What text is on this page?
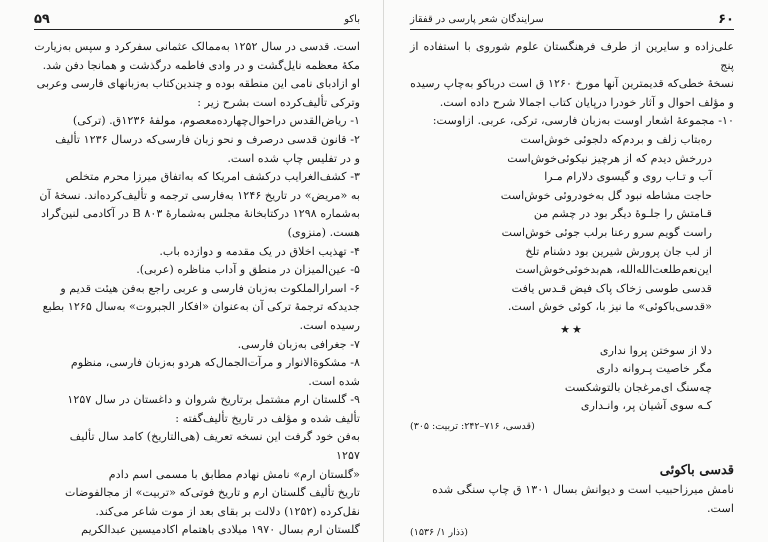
۵۹	باکو

است. قدسی در سال ۱۲۵۲ به‌ممالک عثمانی سفرکرد و سپس به‌زیارت

مکهٔ معظمه نایل‌گشت و در وادی فاطمه درگذشت و همانجا دفن شد.

او ازادبای نامی این منطقه بوده و چندین‌کتاب به‌زبانهای فارسی وعربی

وترکی تألیف‌کرده است بشرح زیر :

۱- ریاض‌القدس دراحوال‌چهارده‌معصوم، مولفهٔ ۱۲۳۶ق. (ترکی)

۲- قانون قدسی درصرف و نحو زبان فارسی‌که درسال ۱۲۳۶ تألیف

و در تفلیس چاپ شده است.

۳- کشف‌الغرایب درکشف امریکا که به‌اتفاق میرزا محرم متخلص

به «مریض» در تاریخ ۱۲۴۶ به‌فارسی ترجمه و تألیف‌کرده‌اند. نسخهٔ آن

به‌شماره ۱۲۹۸ درکتابخانهٔ مجلس به‌شمارهٔ ۸۰۳ B در آکادمی لنین‌گراد

هست. (منزوی)

۴- تهذیب اخلاق در یک مقدمه و دوازده باب.

۵- عین‌المیزان در منطق و آداب مناظره (عربی).

۶- اسرارالملکوت به‌زبان فارسی و عربی راجع به‌فن هیئت قدیم و

جدیدکه ترجمهٔ ترکی آن به‌عنوان «افکار الجبروت» به‌سال ۱۲۶۵ بطبع

رسیده است.

۷- جغرافی به‌زبان فارسی.

۸- مشکوةالانوار و مرآت‌الجمال‌که هردو به‌زبان فارسی، منظوم

شده است.

۹- گلستان ارم مشتمل برتاریخ شروان و داغستان در سال ۱۲۵۷

تألیف شده و مؤلف در تاریخ تألیف‌گفته :

بەفن خود گرفت این نسخه تعریف (هی‌التاریخ) کامد سال تألیف

۱۲۵۷

«گلستان ارم» نامش نهادم مطابق با مسمی اسم دادم

تاریخ تألیف گلستان ارم و تاریخ فوتی‌که «تربیت» از مجالفوضات

نقل‌کرده (۱۲۵۲) دلالت بر بقای بعد از موت شاعر می‌کند.

گلستان ارم بسال ۱۹۷۰ میلادی باهتمام اکادمیسین عبدالکریم

سرایندگان شعر پارسی در قفقاز	۶۰

علی‌زاده و سایرین از طرف فرهنگستان علوم شوروی با استفاده از پنج

نسخهٔ خطی‌که قدیمترین آنها مورخ ۱۲۶۰ ق است درباکو به‌چاپ رسیده

و مؤلف احوال و آثار خودرا درپایان کتاب اجمالا شرح داده است.

۱۰- مجموعهٔ اشعار اوست به‌زبان فارسی، ترکی، عربی. ازاوست:

ره‌بتاب زلف و بردم‌که دلجوئی خوش‌است
دررخش دیدم که از هرچیز نیکوئی‌خوش‌است
آب و تـاب روی و گیسوی دلارام مـرا
حاجت مشاطه نبود گل بەخودروئی خوش‌است
قـامتش را جلـوهٔ دیگر بود در چشم من
راست گویم سرو رعنا برلب جوئی خوش‌است
از لب جان پرورش شیرین بود دشنام تلخ
این‌نعم‌طلعت‌الله‌الله، هم‌بدخوئی‌خوش‌است
قدسی طوسی زخاک پاک فیض قـدس یافت
«قدسی‌باکوئی» ما نیز با، کوئی خوش است.
★★
دلا از سوختن پروا نداری
مگر خاصیت پـروانه داری
چەسنگ ای‌مرغجان بالتوشکست
کـه سوی آشیان پر، وانـداری
(قدسی، ۷۱۶–۲۴۲: تربیت: ۳۰۵)
قدسی باکوئی

نامش میرزاحبیب است و دیوانش بسال ۱۳۰۱ ق چاپ سنگی شده

است.

(ذذار ۱/ ۱۵۳۶)
